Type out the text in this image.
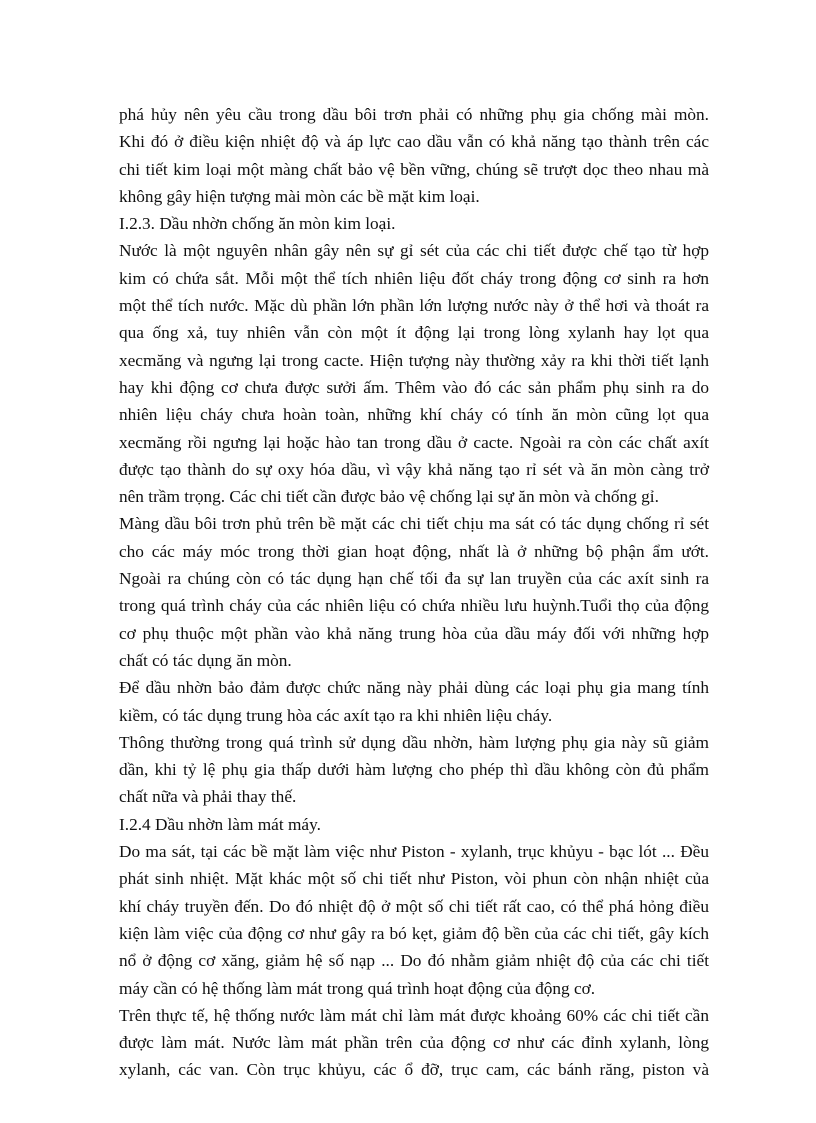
phá hủy nên yêu cầu trong dầu bôi trơn phải có những phụ gia chống mài mòn.
Khi đó ở điều kiện nhiệt độ và áp lực cao dầu vẫn có khả năng tạo thành trên các
chi tiết kim loại một màng chất bảo vệ bền vững, chúng sẽ trượt dọc theo nhau mà
không gây hiện tượng mài mòn các bề mặt kim loại.

I.2.3. Dầu nhờn chống ăn mòn kim loại.

Nước là một nguyên nhân gây nên sự gỉ sét của các chi tiết được chế tạo từ hợp
kim có chứa sắt. Mỗi một thể tích nhiên liệu đốt cháy trong động cơ sinh ra hơn
một thể tích nước. Mặc dù phần lớn phần lớn lượng nước này ở thể hơi và thoát ra
qua ống xả, tuy nhiên vẫn còn một ít động lại trong lòng xylanh hay lọt qua
xecmăng và ngưng lại trong cacte. Hiện tượng này thường xảy ra khi thời tiết lạnh
hay khi động cơ chưa được sưởi ấm. Thêm vào đó các sản phẩm phụ sinh ra do
nhiên liệu cháy chưa hoàn toàn, những khí cháy có tính ăn mòn cũng lọt qua
xecmăng rồi ngưng lại hoặc hào tan trong dầu ở cacte. Ngoài ra còn các chất axít
được tạo thành do sự oxy hóa dầu, vì vậy khả năng tạo rỉ sét và ăn mòn càng trở
nên trầm trọng. Các chi tiết cần được bảo vệ chống lại sự ăn mòn và chống gỉ.

Màng dầu bôi trơn phủ trên bề mặt các chi tiết chịu ma sát có tác dụng chống rỉ sét
cho các máy móc trong thời gian hoạt động, nhất là ở những bộ phận ẩm ướt.
Ngoài ra chúng còn có tác dụng hạn chế tối đa sự lan truyền của các axít sinh ra
trong quá trình cháy của các nhiên liệu có chứa nhiều lưu huỳnh.Tuổi thọ của động
cơ phụ thuộc một phần vào khả năng trung hòa của dầu máy đối với những hợp
chất có tác dụng ăn mòn.

Để dầu nhờn bảo đảm được chức năng này phải dùng các loại phụ gia mang tính
kiềm, có tác dụng trung hòa các axít tạo ra khi nhiên liệu cháy.

Thông thường trong quá trình sử dụng dầu nhờn, hàm lượng phụ gia này sũ giảm
dần, khi tỷ lệ phụ gia thấp dưới hàm lượng cho phép thì dầu không còn đủ phẩm
chất nữa và phải thay thế.

I.2.4 Dầu nhờn làm mát máy.

Do ma sát, tại các bề mặt làm việc như Piston ‐ xylanh, trục khủyu ‐ bạc lót ... Đều
phát sinh nhiệt. Mặt khác một số chi tiết như Piston, vòi phun còn nhận nhiệt của
khí cháy truyền đến. Do đó nhiệt độ ở một số chi tiết rất cao, có thể phá hỏng điều
kiện làm việc của động cơ như gây ra bó kẹt, giảm độ bền của các chi tiết, gây kích
nổ ở động cơ xăng, giảm hệ số nạp ... Do đó nhằm giảm nhiệt độ của các chi tiết
máy cần có hệ thống làm mát trong quá trình hoạt động của động cơ.

Trên thực tế, hệ thống nước làm mát chỉ làm mát được khoảng 60% các chi tiết cần
được làm mát. Nước làm mát phần trên của động cơ như các đỉnh xylanh, lòng
xylanh, các van. Còn trục khủyu, các ổ đỡ, trục cam, các bánh răng, piston và
